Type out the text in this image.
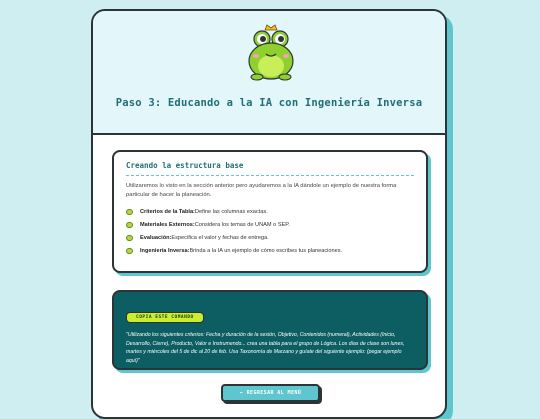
Paso 3: Educando a la IA con Ingeniería Inversa
Creando la estructura base

Utilizaremos lo visto en la sección anterior pero ayudaremos a la IA dándole un ejemplo de nuestra forma particular de hacer la planeación.

Criterios de la Tabla: Define las columnas exactas.
Materiales Externos: Considera los temas de UNAM o SEP.
Evaluación: Especifica el valor y fechas de entrega.
Ingeniería Inversa: Brinda a la IA un ejemplo de cómo escribes tus planeaciones.
COPIA ESTE COMANDO

"Utilizando los siguientes criterios: Fecha y duración de la sesión, Objetivo, Contenidos (numeral), Actividades (Inicio, Desarrollo, Cierre), Producto, Valor e Instrumendo... crea una tabla para el grupo de Lógica. Los días de clase son lunes, martes y miércoles del 5 de dic al 20 de feb. Usa Taxonomía de Marzano y guíate del siguiente ejemplo: (pegar ejemplo aquí)"

← REGRESAR AL MENÚ
